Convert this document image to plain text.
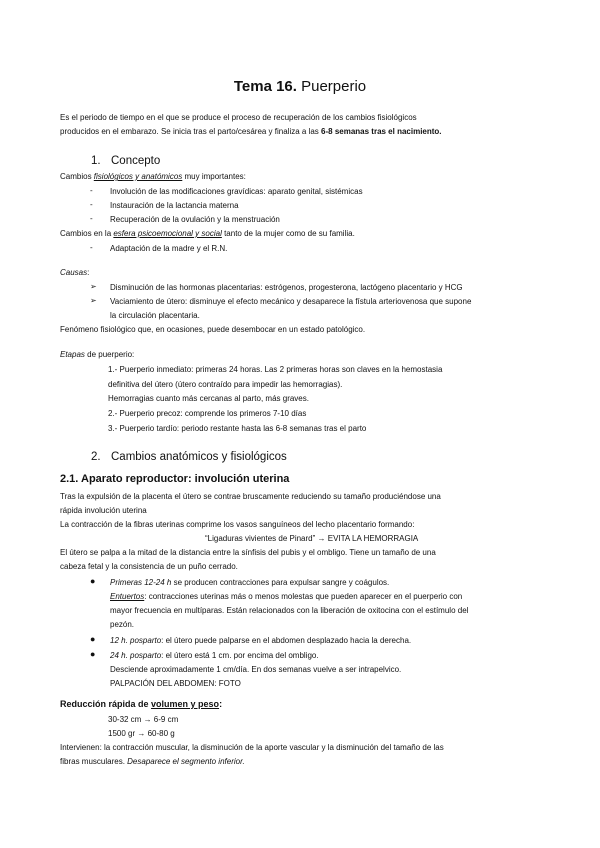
Tema 16. Puerperio
Es el periodo de tiempo en el que se produce el proceso de recuperación de los cambios fisiológicos
producidos en el embarazo. Se inicia tras el parto/cesárea y finaliza a las 6-8 semanas tras el nacimiento.
1. Concepto
Cambios fisiológicos y anatómicos muy importantes:
- Involución de las modificaciones gravídicas: aparato genital, sistémicas
- Instauración de la lactancia materna
- Recuperación de la ovulación y la menstruación
Cambios en la esfera psicoemocional y social tanto de la mujer como de su familia.
- Adaptación de la madre y el R.N.
Causas:
➢ Disminución de las hormonas placentarias: estrógenos, progesterona, lactógeno placentario y HCG
➢ Vaciamiento de útero: disminuye el efecto mecánico y desaparece la fístula arteriovenosa que supone
la circulación placentaria.
Fenómeno fisiológico que, en ocasiones, puede desembocar en un estado patológico.
Etapas de puerperio:
1.- Puerperio inmediato: primeras 24 horas. Las 2 primeras horas son claves en la hemostasia
definitiva del útero (útero contraído para impedir las hemorragias).
Hemorragias cuanto más cercanas al parto, más graves.
2.- Puerperio precoz: comprende los primeros 7-10 días
3.- Puerperio tardío: periodo restante hasta las 6-8 semanas tras el parto
2. Cambios anatómicos y fisiológicos
2.1. Aparato reproductor: involución uterina
Tras la expulsión de la placenta el útero se contrae bruscamente reduciendo su tamaño produciéndose una
rápida involución uterina
La contracción de la fibras uterinas comprime los vasos sanguíneos del lecho placentario formando:
“Ligaduras vivientes de Pinard” → EVITA LA HEMORRAGIA
El útero se palpa a la mitad de la distancia entre la sínfisis del pubis y el ombligo. Tiene un tamaño de una
cabeza fetal y la consistencia de un puño cerrado.
● Primeras 12-24 h se producen contracciones para expulsar sangre y coágulos.
Entuertos: contracciones uterinas más o menos molestas que pueden aparecer en el puerperio con
mayor frecuencia en multíparas. Están relacionados con la liberación de oxitocina con el estímulo del
pezón.
● 12 h. posparto: el útero puede palparse en el abdomen desplazado hacia la derecha.
● 24 h. posparto: el útero está 1 cm. por encima del ombligo.
Desciende aproximadamente 1 cm/día. En dos semanas vuelve a ser intrapelvico.
PALPACIÓN DEL ABDOMEN: FOTO
Reducción rápida de volumen y peso:
30-32 cm → 6-9 cm
1500 gr → 60-80 g
Intervienen: la contracción muscular, la disminución de la aporte vascular y la disminución del tamaño de las
fibras musculares. Desaparece el segmento inferior.
